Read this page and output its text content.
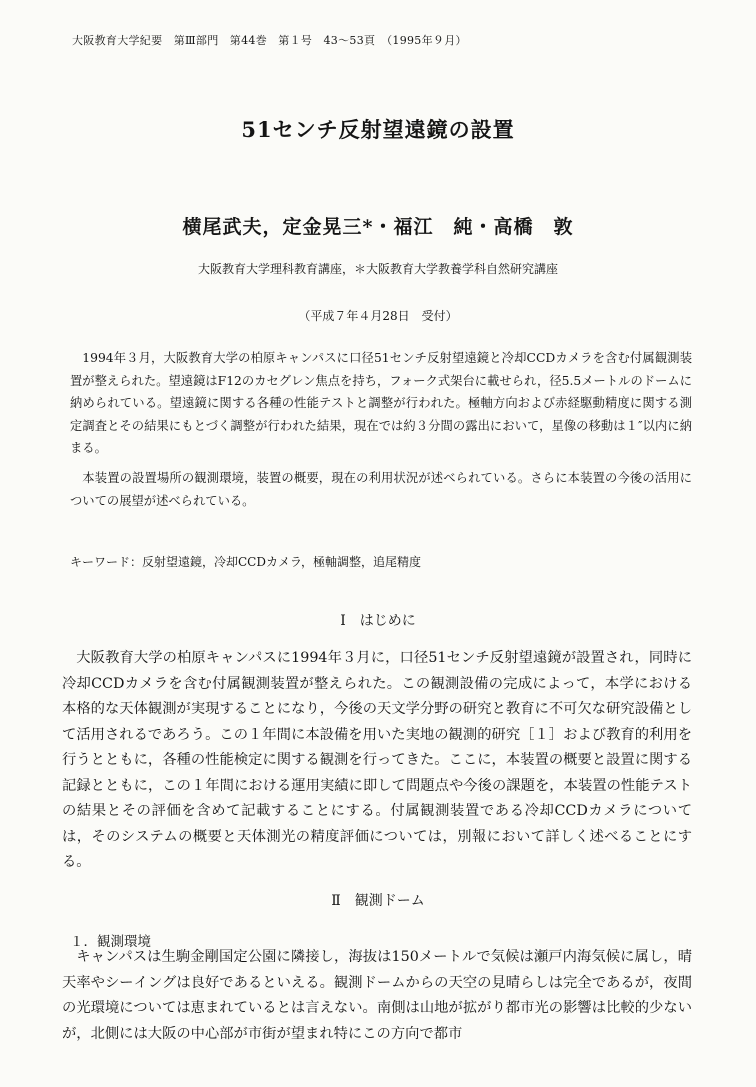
大阪教育大学紀要　第Ⅲ部門　第44巻　第１号　43～53頁　（1995年９月）
51センチ反射望遠鏡の設置
横尾武夫，定金晃三*・福江　純・高橋　敦
大阪教育大学理科教育講座，＊大阪教育大学教養学科自然研究講座
（平成７年４月28日　受付）

1994年３月，大阪教育大学の柏原キャンパスに口径51センチ反射望遠鏡と冷却CCDカメラを含む付属観測装置が整えられた。望遠鏡はF12のカセグレン焦点を持ち，フォーク式架台に載せられ，径5.5メートルのドームに納められている。望遠鏡に関する各種の性能テストと調整が行われた。極軸方向および赤経駆動精度に関する測定調査とその結果にもとづく調整が行われた結果，現在では約３分間の露出において，星像の移動は１″以内に納まる。

本装置の設置場所の観測環境，装置の概要，現在の利用状況が述べられている。さらに本装置の今後の活用についての展望が述べられている。

キーワード：反射望遠鏡，冷却CCDカメラ，極軸調整，追尾精度
Ⅰ　はじめに

大阪教育大学の柏原キャンパスに1994年３月に，口径51センチ反射望遠鏡が設置され，同時に冷却CCDカメラを含む付属観測装置が整えられた。この観測設備の完成によって，本学における本格的な天体観測が実現することになり，今後の天文学分野の研究と教育に不可欠な研究設備として活用されるであろう。この１年間に本設備を用いた実地の観測的研究［１］および教育的利用を行うとともに，各種の性能検定に関する観測を行ってきた。ここに，本装置の概要と設置に関する記録とともに，この１年間における運用実績に即して問題点や今後の課題を，本装置の性能テストの結果とその評価を含めて記載することにする。付属観測装置である冷却CCDカメラについては，そのシステムの概要と天体測光の精度評価については，別報において詳しく述べることにする。

Ⅱ　観測ドーム
１．観測環境

キャンパスは生駒金剛国定公園に隣接し，海抜は150メートルで気候は瀬戸内海気候に属し，晴天率やシーイングは良好であるといえる。観測ドームからの天空の見晴らしは完全であるが，夜間の光環境については恵まれているとは言えない。南側は山地が拡がり都市光の影響は比較的少ないが，北側には大阪の中心部が市街が望まれ特にこの方向で都市
